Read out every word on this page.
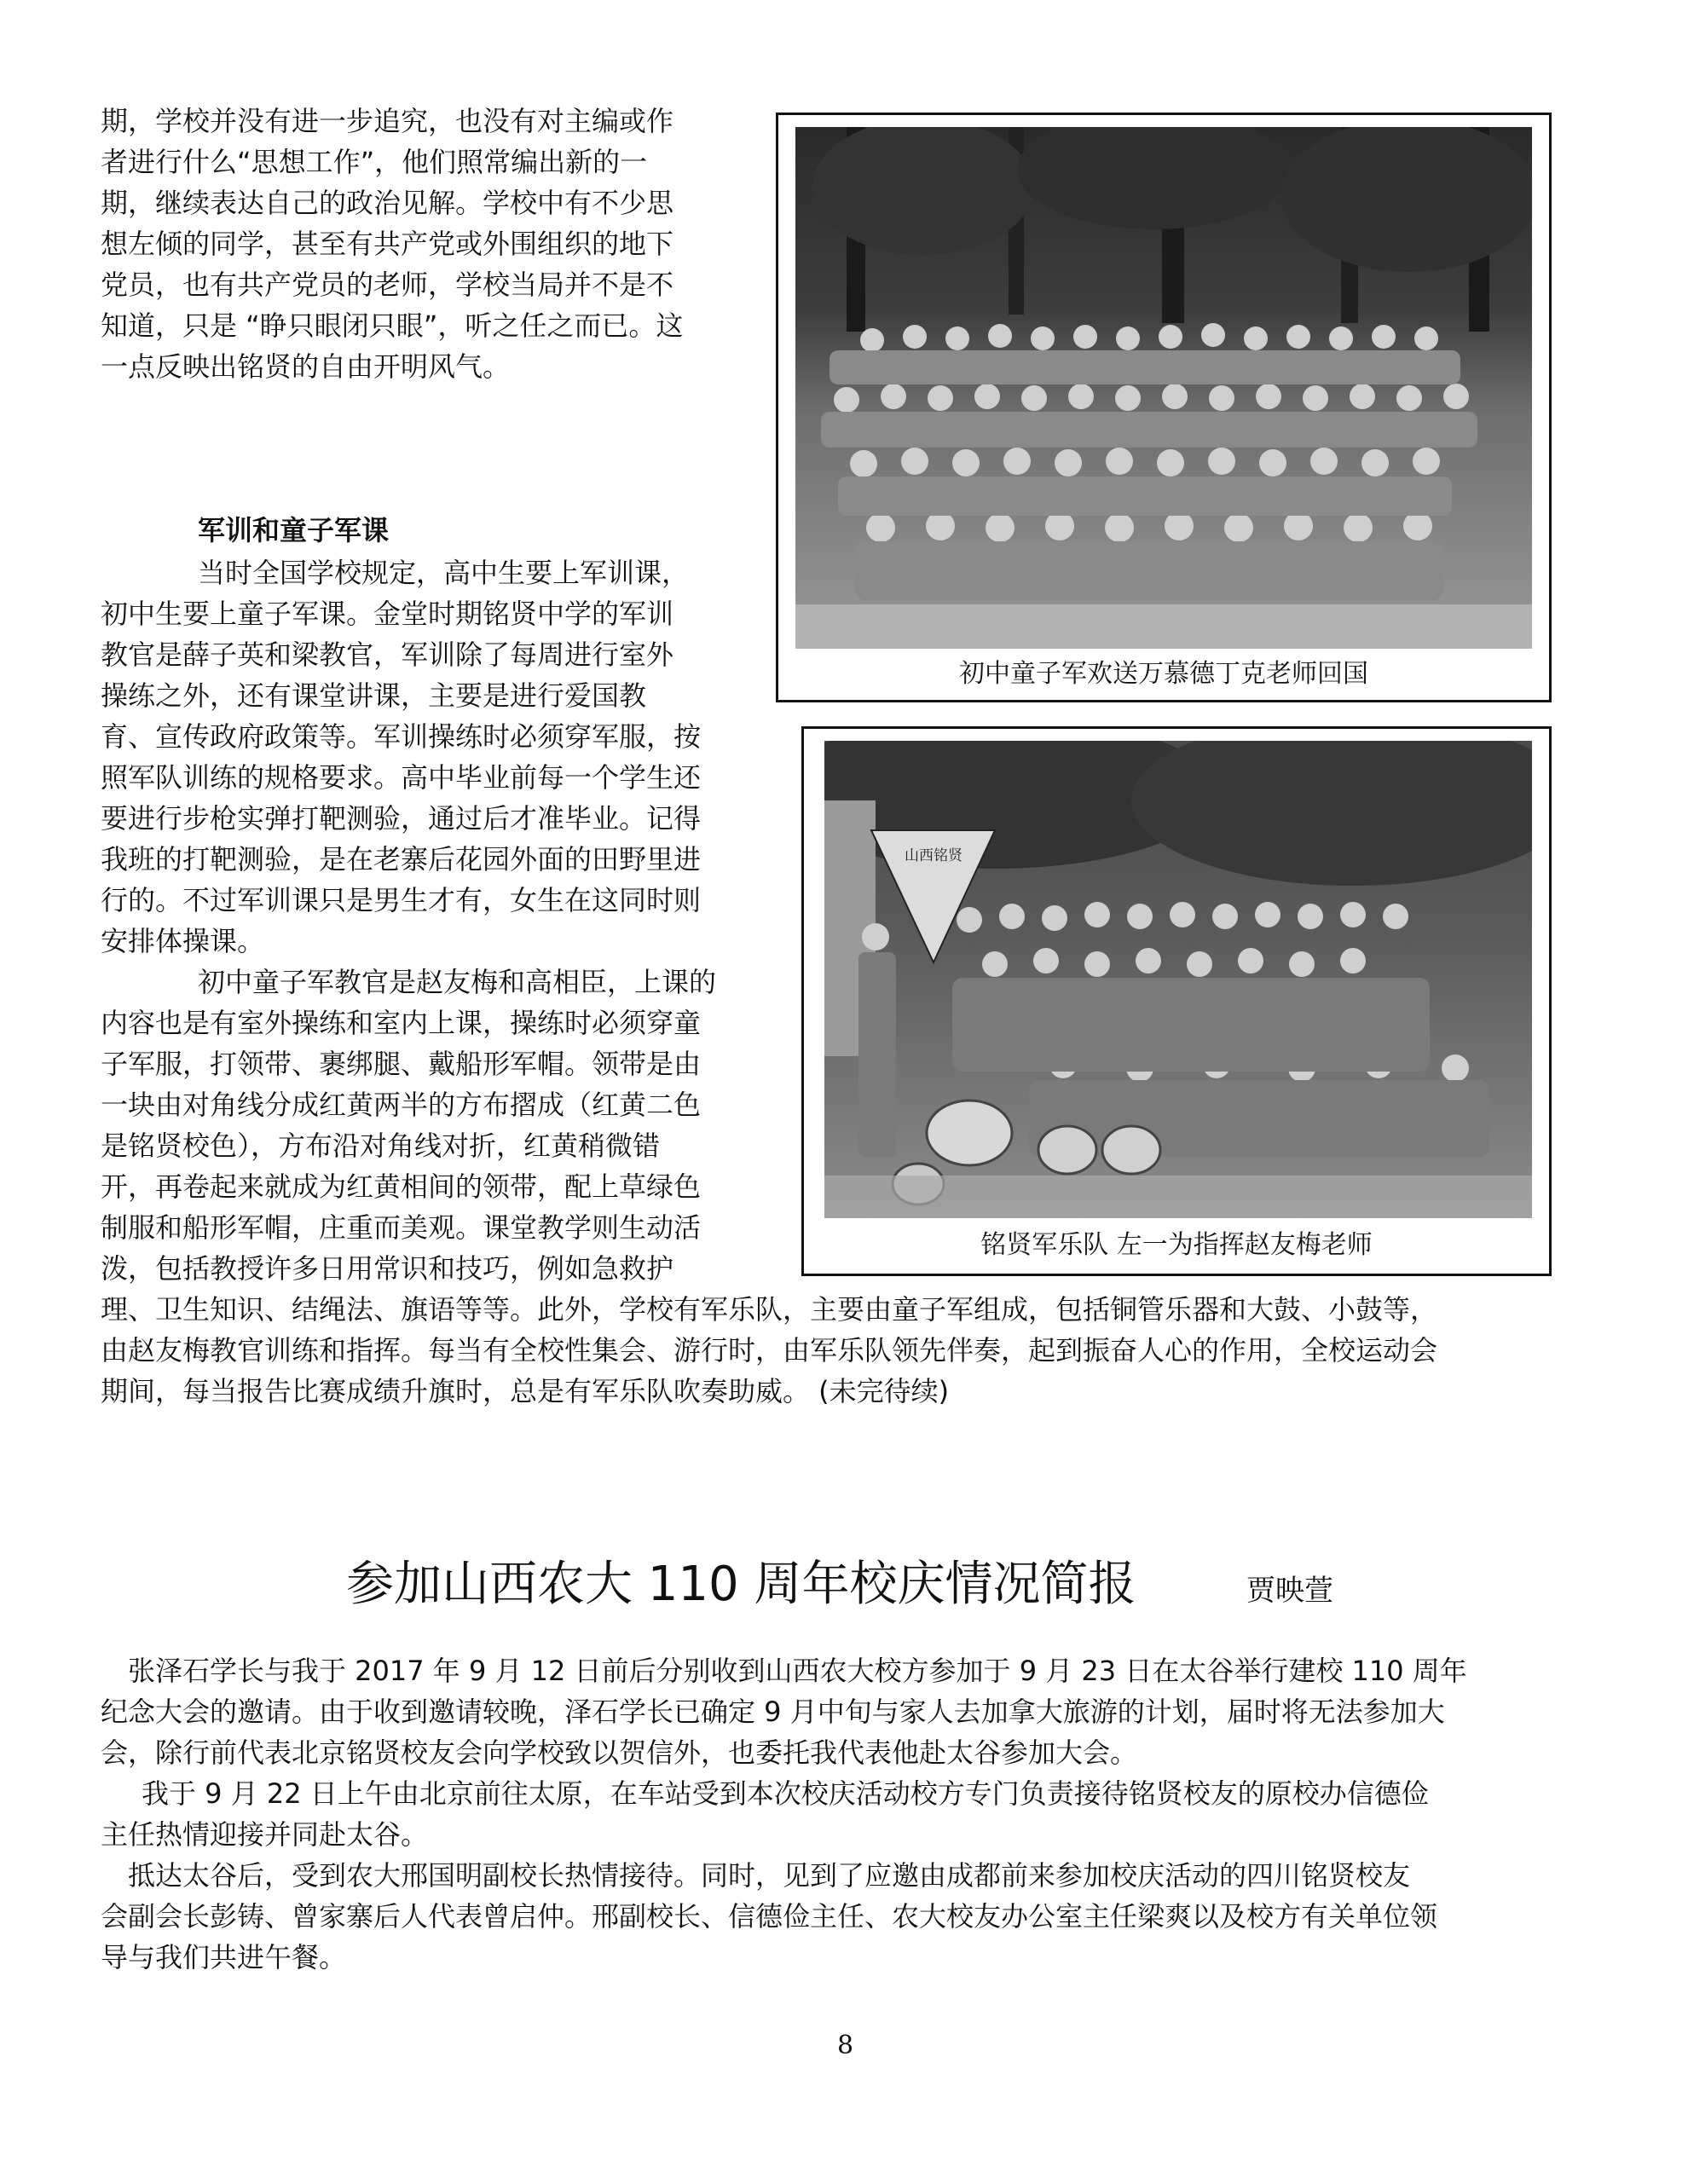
期，学校并没有进一步追究，也没有对主编或作
者进行什么“思想工作”，他们照常编出新的一
期，继续表达自己的政治见解。学校中有不少思
想左倾的同学，甚至有共产党或外围组织的地下
党员，也有共产党员的老师，学校当局并不是不
知道，只是 “睁只眼闭只眼”，听之任之而已。这
一点反映出铭贤的自由开明风气。
军训和童子军课
当时全国学校规定，高中生要上军训课，
初中生要上童子军课。金堂时期铭贤中学的军训
教官是薛子英和梁教官，军训除了每周进行室外
操练之外，还有课堂讲课，主要是进行爱国教
育、宣传政府政策等。军训操练时必须穿军服，按
照军队训练的规格要求。高中毕业前每一个学生还
要进行步枪实弹打靶测验，通过后才准毕业。记得
我班的打靶测验，是在老寨后花园外面的田野里进
行的。不过军训课只是男生才有，女生在这同时则
安排体操课。
初中童子军教官是赵友梅和高相臣，上课的
内容也是有室外操练和室内上课，操练时必须穿童
子军服，打领带、裹绑腿、戴船形军帽。领带是由
一块由对角线分成红黄两半的方布摺成（红黄二色
是铭贤校色），方布沿对角线对折，红黄稍微错
开，再卷起来就成为红黄相间的领带，配上草绿色
制服和船形军帽，庄重而美观。课堂教学则生动活
泼，包括教授许多日用常识和技巧，例如急救护
理、卫生知识、结绳法、旗语等等。此外，学校有军乐队，主要由童子军组成，包括铜管乐器和大鼓、小鼓等，
由赵友梅教官训练和指挥。每当有全校性集会、游行时，由军乐队领先伴奏，起到振奋人心的作用，全校运动会
期间，每当报告比赛成绩升旗时，总是有军乐队吹奏助威。 (未完待续)
初中童子军欢送万慕德丁克老师回国
山西铭贤
铭贤军乐队 左一为指挥赵友梅老师
参加山西农大 110 周年校庆情况简报	贾映萱
张泽石学长与我于 2017 年 9 月 12 日前后分别收到山西农大校方参加于 9 月 23 日在太谷举行建校 110 周年
纪念大会的邀请。由于收到邀请较晚，泽石学长已确定 9 月中旬与家人去加拿大旅游的计划，届时将无法参加大
会，除行前代表北京铭贤校友会向学校致以贺信外，也委托我代表他赴太谷参加大会。
我于 9 月 22 日上午由北京前往太原，在车站受到本次校庆活动校方专门负责接待铭贤校友的原校办信德俭
主任热情迎接并同赴太谷。
抵达太谷后，受到农大邢国明副校长热情接待。同时，见到了应邀由成都前来参加校庆活动的四川铭贤校友
会副会长彭铸、曾家寨后人代表曾启仲。邢副校长、信德俭主任、农大校友办公室主任梁爽以及校方有关单位领
导与我们共进午餐。
8
